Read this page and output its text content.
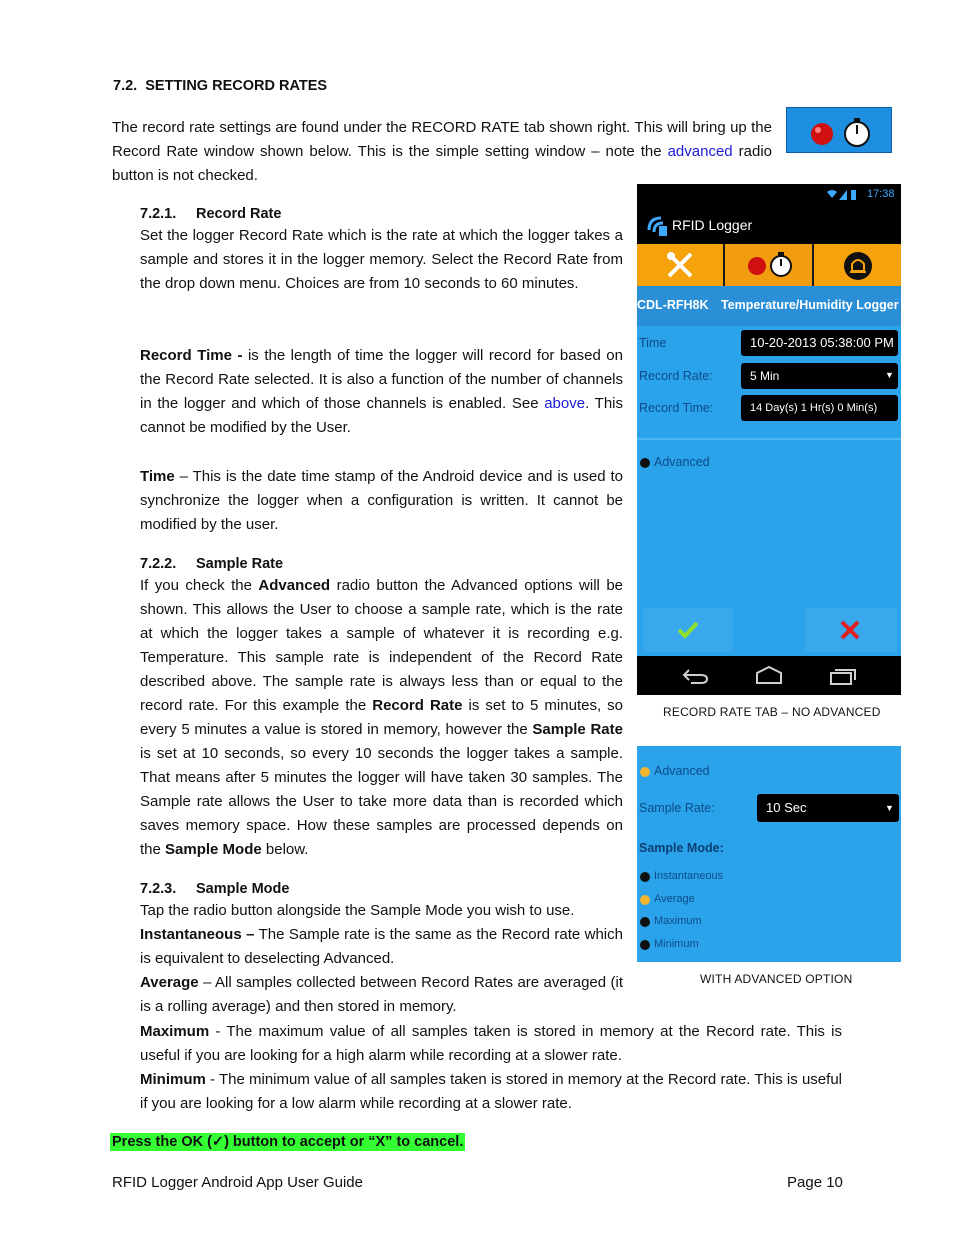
7.2. SETTING RECORD RATES
The record rate settings are found under the RECORD RATE tab shown right. This will bring up the Record Rate window shown below. This is the simple setting window – note the advanced radio button is not checked.
7.2.1. Record Rate
Set the logger Record Rate which is the rate at which the logger takes a sample and stores it in the logger memory. Select the Record Rate from the drop down menu. Choices are from 10 seconds to 60 minutes.
Record Time - is the length of time the logger will record for based on the Record Rate selected. It is also a function of the number of channels in the logger and which of those channels is enabled. See above. This cannot be modified by the User.
Time – This is the date time stamp of the Android device and is used to synchronize the logger when a configuration is written. It cannot be modified by the user.
7.2.2. Sample Rate
If you check the Advanced radio button the Advanced options will be shown. This allows the User to choose a sample rate, which is the rate at which the logger takes a sample of whatever it is recording e.g. Temperature. This sample rate is independent of the Record Rate described above. The sample rate is always less than or equal to the record rate. For this example the Record Rate is set to 5 minutes, so every 5 minutes a value is stored in memory, however the Sample Rate is set at 10 seconds, so every 10 seconds the logger takes a sample. That means after 5 minutes the logger will have taken 30 samples. The Sample rate allows the User to take more data than is recorded which saves memory space. How these samples are processed depends on the Sample Mode below.
7.2.3. Sample Mode
Tap the radio button alongside the Sample Mode you wish to use.
Instantaneous – The Sample rate is the same as the Record rate which is equivalent to deselecting Advanced.
Average – All samples collected between Record Rates are averaged (it is a rolling average) and then stored in memory.
Maximum - The maximum value of all samples taken is stored in memory at the Record rate. This is useful if you are looking for a high alarm while recording at a slower rate.
Minimum - The minimum value of all samples taken is stored in memory at the Record rate. This is useful if you are looking for a low alarm while recording at a slower rate.
Press the OK (✓) button to accept or “X” to cancel.
RFID Logger Android App User Guide	Page 10
17:38
RFID Logger
CDL-RFH8K Temperature/Humidity Logger
Time	10-20-2013 05:38:00 PM
Record Rate:	5 Min	▼
Record Time:	14 Day(s) 1 Hr(s) 0 Min(s)
Advanced
RECORD RATE TAB – NO ADVANCED
Advanced
Sample Rate:	10 Sec	▼
Sample Mode:
Instantaneous
Average
Maximum
Minimum
WITH ADVANCED OPTION
